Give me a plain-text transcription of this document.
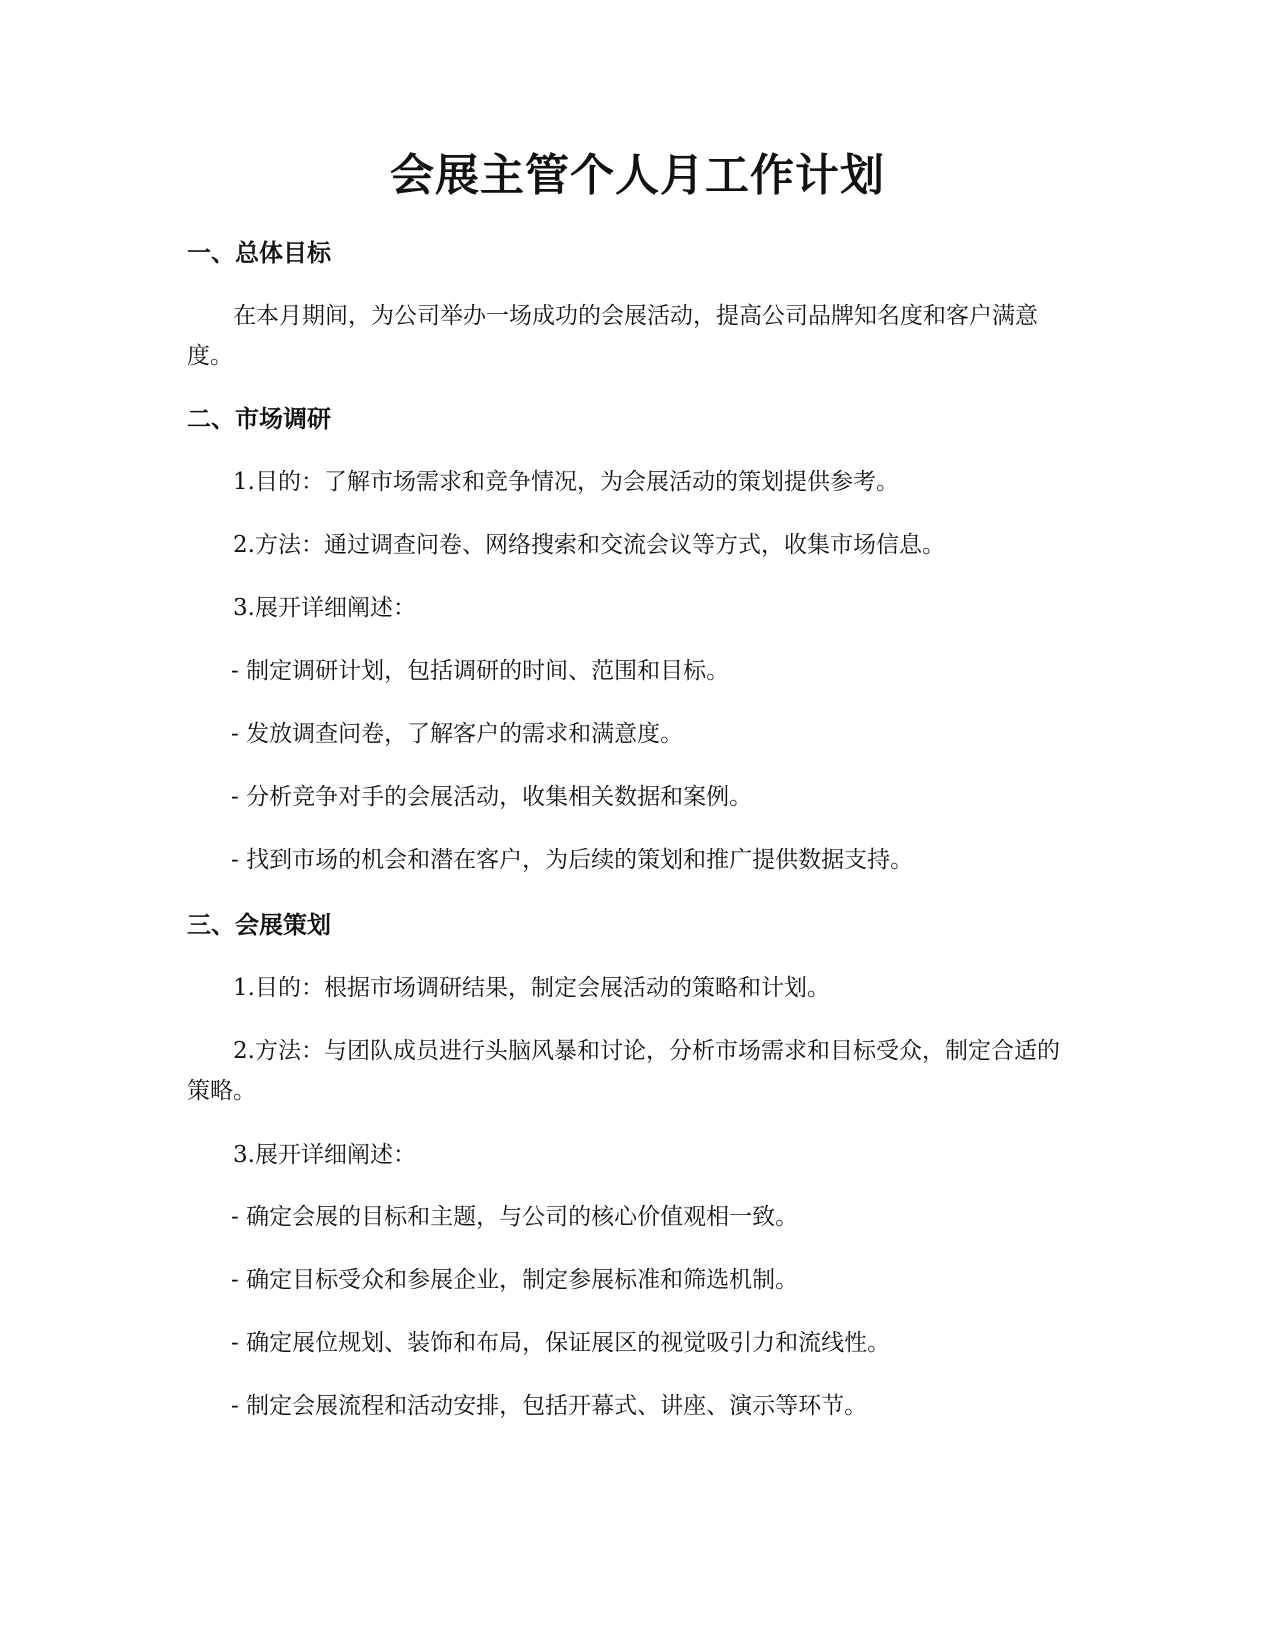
会展主管个人月工作计划
一、总体目标

在本月期间，为公司举办一场成功的会展活动，提高公司品牌知名度和客户满意度。

二、市场调研

1.目的：了解市场需求和竞争情况，为会展活动的策划提供参考。

2.方法：通过调查问卷、网络搜索和交流会议等方式，收集市场信息。

3.展开详细阐述：

- 制定调研计划，包括调研的时间、范围和目标。

- 发放调查问卷，了解客户的需求和满意度。

- 分析竞争对手的会展活动，收集相关数据和案例。

- 找到市场的机会和潜在客户，为后续的策划和推广提供数据支持。

三、会展策划

1.目的：根据市场调研结果，制定会展活动的策略和计划。

2.方法：与团队成员进行头脑风暴和讨论，分析市场需求和目标受众，制定合适的策略。

3.展开详细阐述：

- 确定会展的目标和主题，与公司的核心价值观相一致。

- 确定目标受众和参展企业，制定参展标准和筛选机制。

- 确定展位规划、装饰和布局，保证展区的视觉吸引力和流线性。

- 制定会展流程和活动安排，包括开幕式、讲座、演示等环节。
